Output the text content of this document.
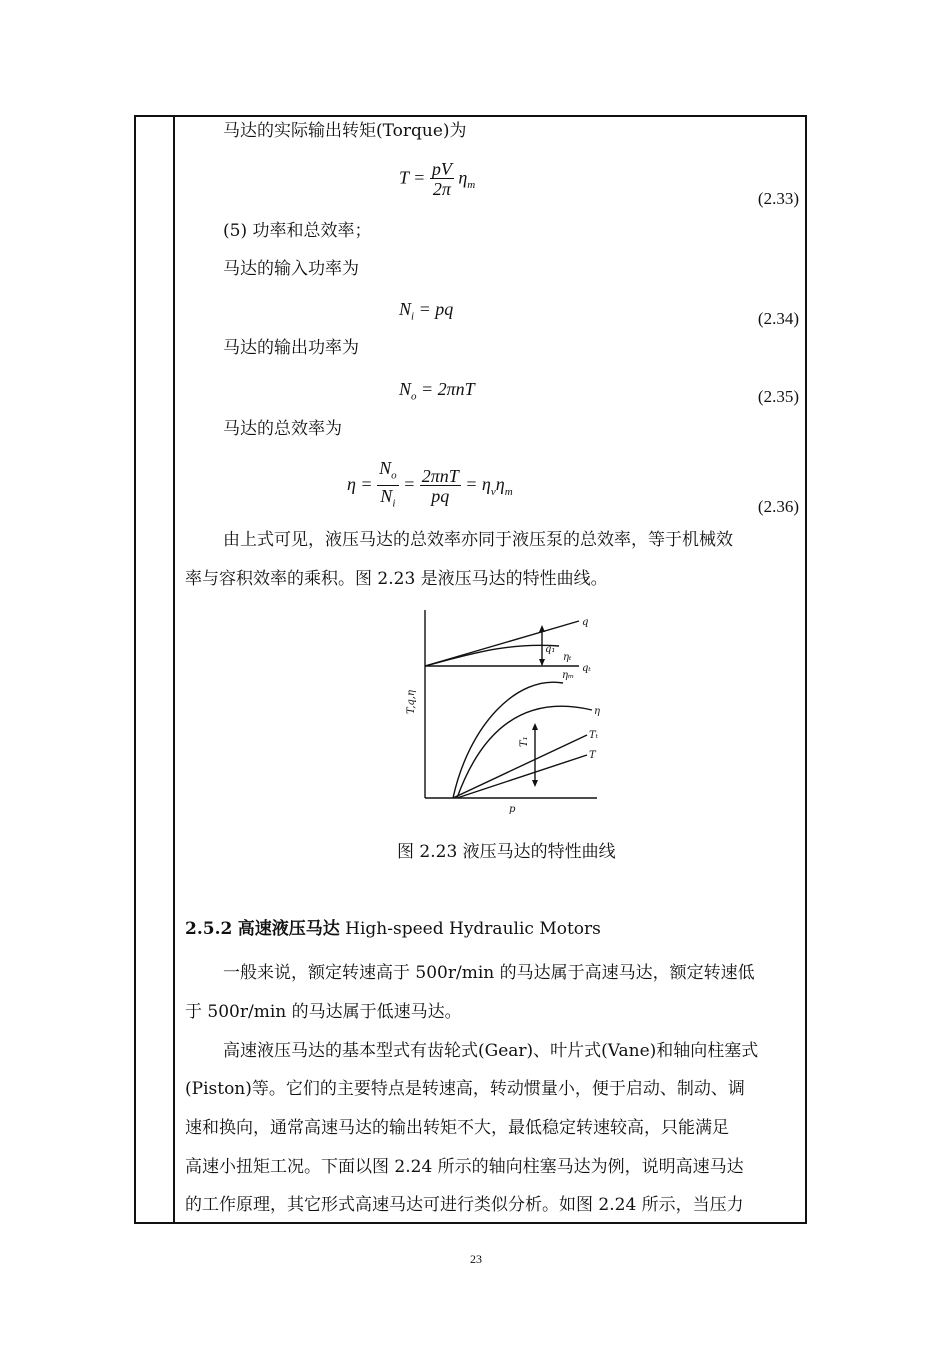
马达的实际输出转矩(Torque)为
$T = \frac{pV}{2\pi} \eta_m$
(2.33)
(5) 功率和总效率；
马达的输入功率为
$N_i$ = pq	(2.34)
马达的输出功率为
$N_o = 2\pi nT$	(2.35)
马达的总效率为
$\eta = \frac{N_o}{N_i} = \frac{\text{2πnT}}{pq} = \eta_v\eta_m$
(2.36)
由上式可见，液压马达的总效率亦同于液压泵的总效率，等于机械效
率与容积效率的乘积。图 2.23 是液压马达的特性曲线。
q
q₁
ηₜ
qₜ
ηₘ
η
Tₜ
T
T₁
T,q,η
p
图 2.23 液压马达的特性曲线
2.5.2 高速液压马达 High-speed Hydraulic Motors
一般来说，额定转速高于 500r/min 的马达属于高速马达，额定转速低
于 500r/min 的马达属于低速马达。
高速液压马达的基本型式有齿轮式(Gear)、叶片式(Vane)和轴向柱塞式
(Piston)等。它们的主要特点是转速高，转动惯量小，便于启动、制动、调
速和换向，通常高速马达的输出转矩不大，最低稳定转速较高，只能满足
高速小扭矩工况。下面以图 2.24 所示的轴向柱塞马达为例，说明高速马达
的工作原理，其它形式高速马达可进行类似分析。如图 2.24 所示，当压力
23
